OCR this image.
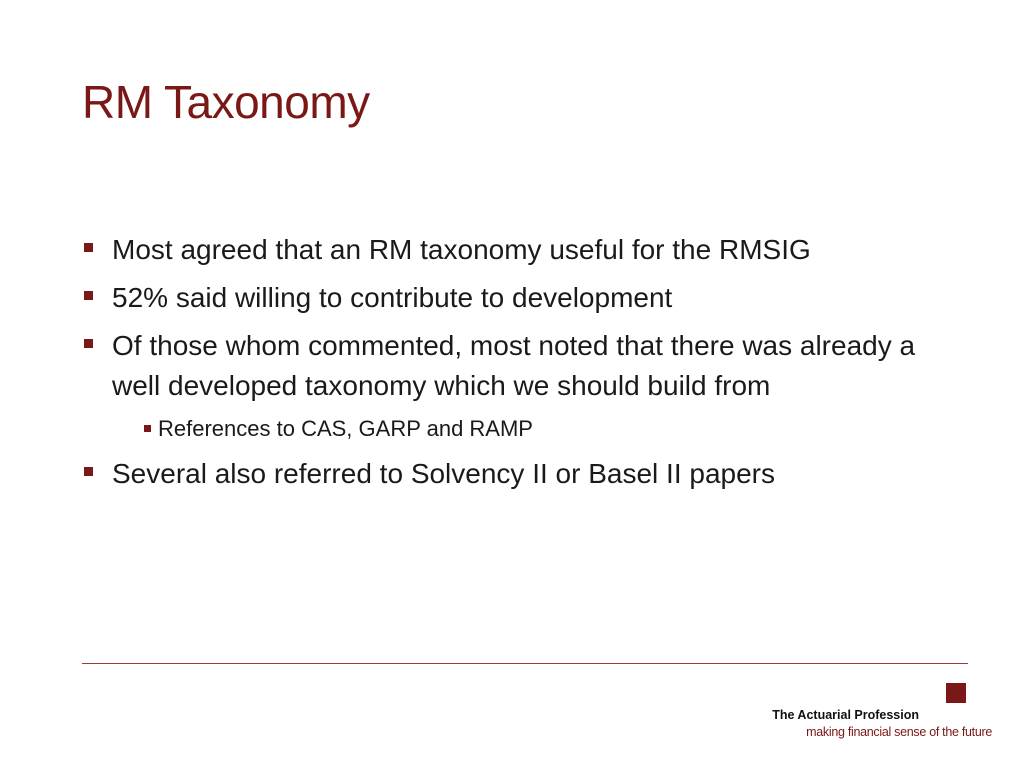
RM Taxonomy
Most agreed that an RM taxonomy useful for the RMSIG
52% said willing to contribute to development
Of those whom commented, most noted that there was already a well developed taxonomy which we should build from
References to CAS, GARP and RAMP
Several also referred to Solvency II or Basel II papers
The Actuarial Profession
making financial sense of the future
